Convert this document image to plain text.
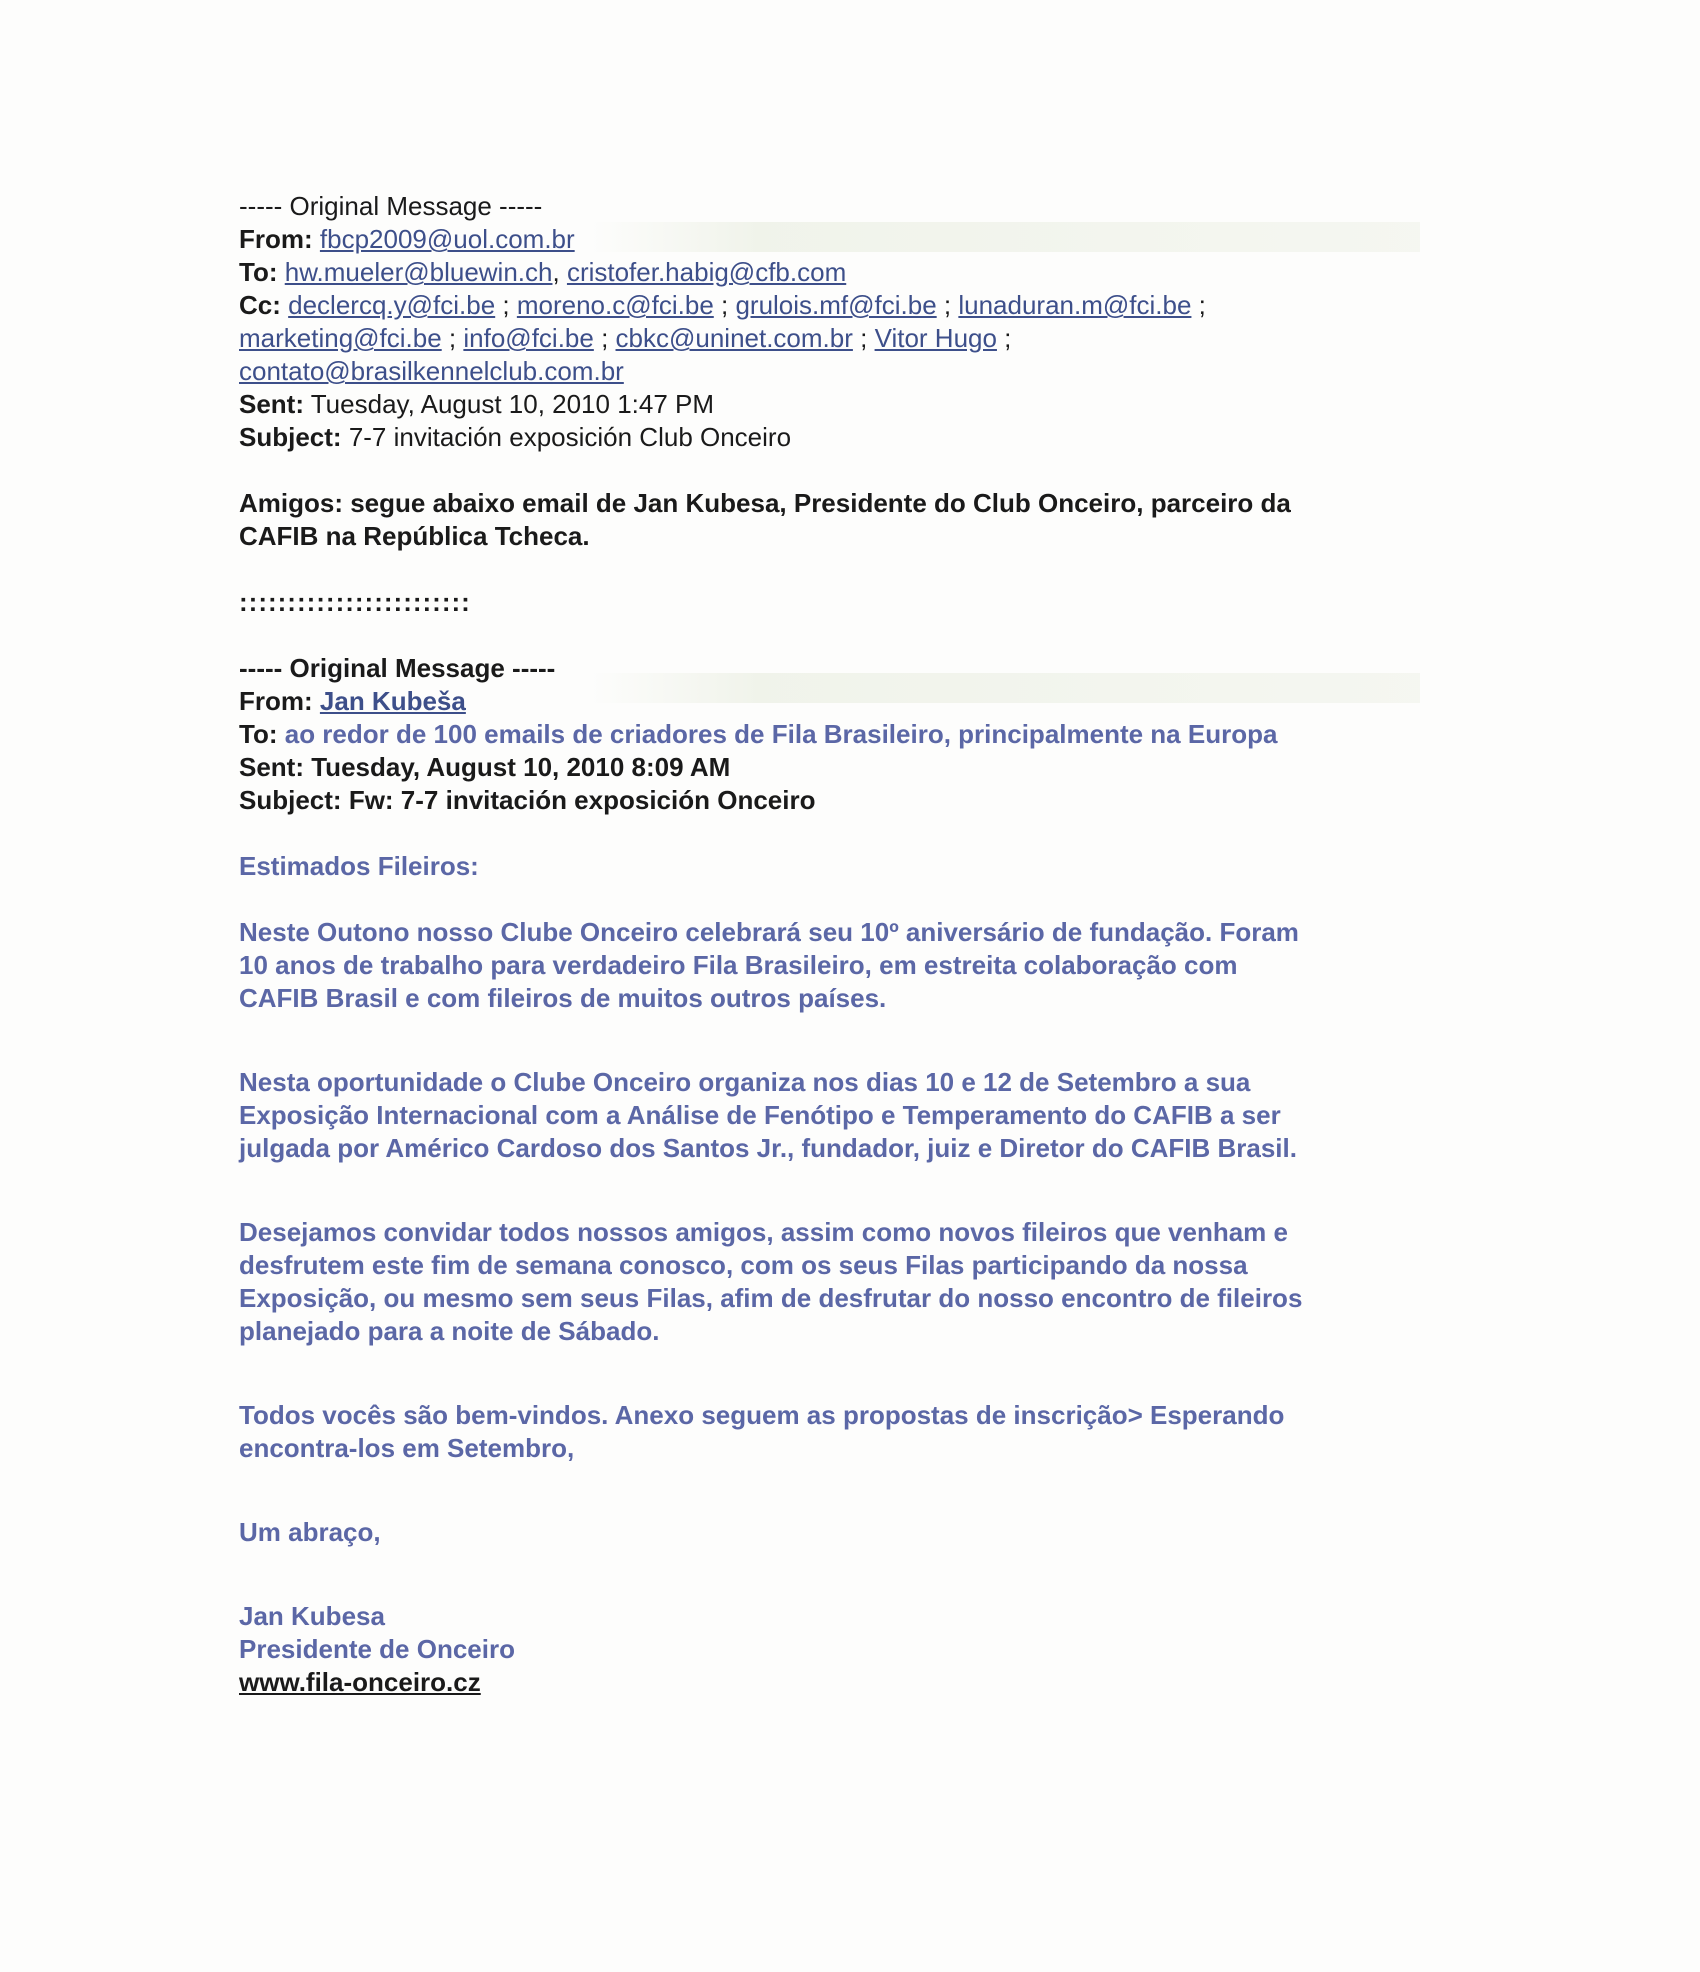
----- Original Message -----
From: fbcp2009@uol.com.br
To: hw.mueler@bluewin.ch, cristofer.habig@cfb.com
Cc: declercq.y@fci.be ; moreno.c@fci.be ; grulois.mf@fci.be ; lunaduran.m@fci.be ;
marketing@fci.be ; info@fci.be ; cbkc@uninet.com.br ; Vitor Hugo ;
contato@brasilkennelclub.com.br
Sent: Tuesday, August 10, 2010 1:47 PM
Subject: 7-7 invitación exposición Club Onceiro
Amigos: segue abaixo email de Jan Kubesa, Presidente do Club Onceiro, parceiro da
CAFIB na República Tcheca.
::::::::::::::::::::::::
----- Original Message -----
From: Jan Kubeša
To: ao redor de 100 emails de criadores de Fila Brasileiro, principalmente na Europa
Sent: Tuesday, August 10, 2010 8:09 AM
Subject: Fw: 7-7 invitación exposición Onceiro
Estimados Fileiros:
Neste Outono nosso Clube Onceiro celebrará seu 10º aniversário de fundação. Foram
10 anos de trabalho para verdadeiro Fila Brasileiro, em estreita colaboração com
CAFIB Brasil e com fileiros de muitos outros países.
Nesta oportunidade o Clube Onceiro organiza nos dias 10 e 12 de Setembro a sua
Exposição Internacional com a Análise de Fenótipo e Temperamento do CAFIB a ser
julgada por Américo Cardoso dos Santos Jr., fundador, juiz e Diretor do CAFIB Brasil.
Desejamos convidar todos nossos amigos, assim como novos fileiros que venham e
desfrutem este fim de semana conosco, com os seus Filas participando da nossa
Exposição, ou mesmo sem seus Filas, afim de desfrutar do nosso encontro de fileiros
planejado para a noite de Sábado.
Todos vocês são bem-vindos. Anexo seguem as propostas de inscrição> Esperando
encontra-los em Setembro,
Um abraço,
Jan Kubesa
Presidente de Onceiro
www.fila-onceiro.cz
